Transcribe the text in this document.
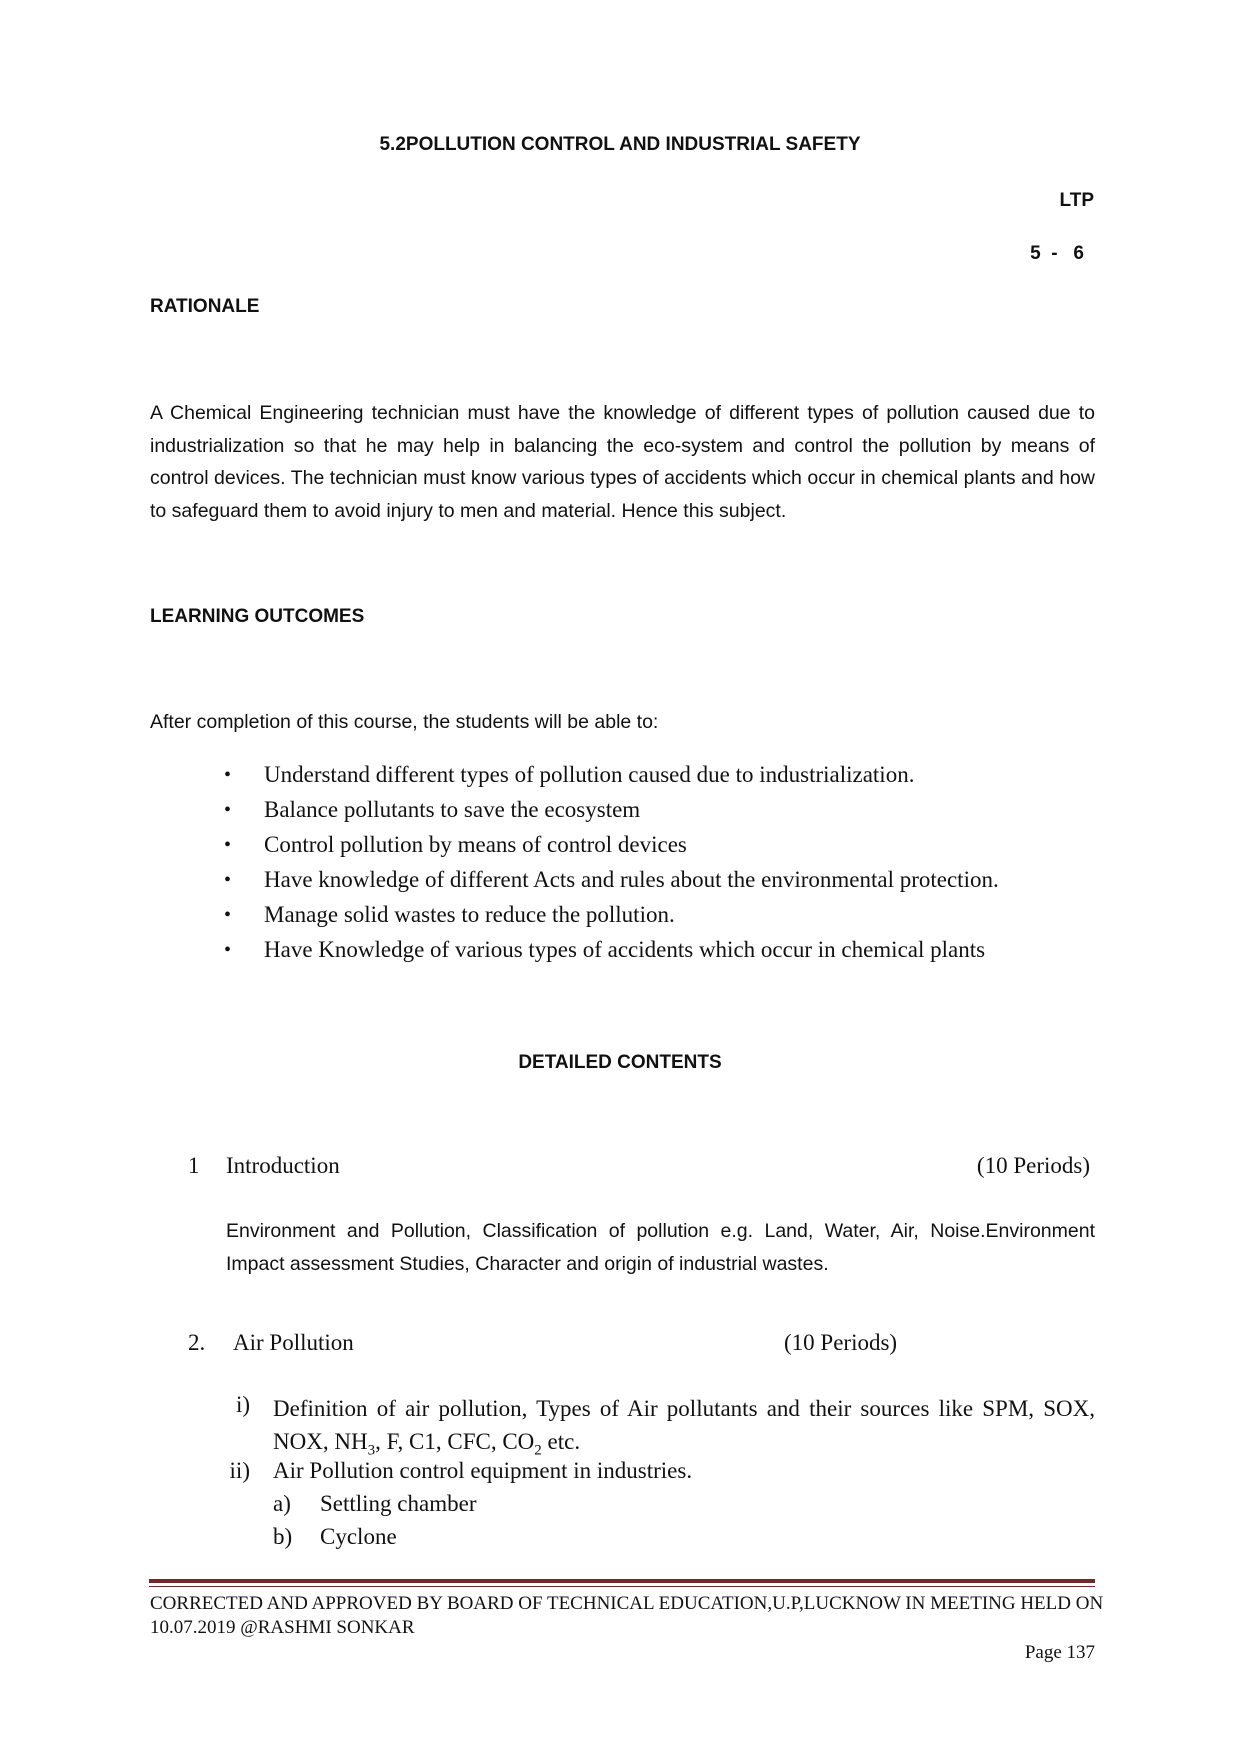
5.2POLLUTION CONTROL AND INDUSTRIAL SAFETY
LTP
5  -   6
RATIONALE
A Chemical Engineering technician must have the knowledge of different types of pollution caused due to industrialization so that he may help in balancing the eco-system and control the pollution by means of control devices. The technician must know various types of accidents which occur in chemical plants and how to safeguard them to avoid injury to men and material. Hence this subject.
LEARNING OUTCOMES
After completion of this course, the students will be able to:
• Understand different types of pollution caused due to industrialization.
• Balance pollutants to save the ecosystem
• Control pollution by means of control devices
• Have knowledge of different Acts and rules about the environmental protection.
• Manage solid wastes to reduce the pollution.
• Have Knowledge of various types of accidents which occur in chemical plants
DETAILED CONTENTS
1 Introduction	(10 Periods)
Environment and Pollution, Classification of pollution e.g. Land, Water, Air, Noise.Environment Impact assessment Studies, Character and origin of industrial wastes.
2. Air Pollution	(10 Periods)
i) Definition of air pollution, Types of Air pollutants and their sources like SPM, SOX, NOX, $NH_3$, F, C1, CFC, $CO_2$ etc.
ii) Air Pollution control equipment in industries.
a) Settling chamber
b) Cyclone
CORRECTED AND APPROVED BY BOARD OF TECHNICAL EDUCATION,U.P,LUCKNOW IN MEETING HELD ON 10.07.2019 @RASHMI SONKAR
Page 137
